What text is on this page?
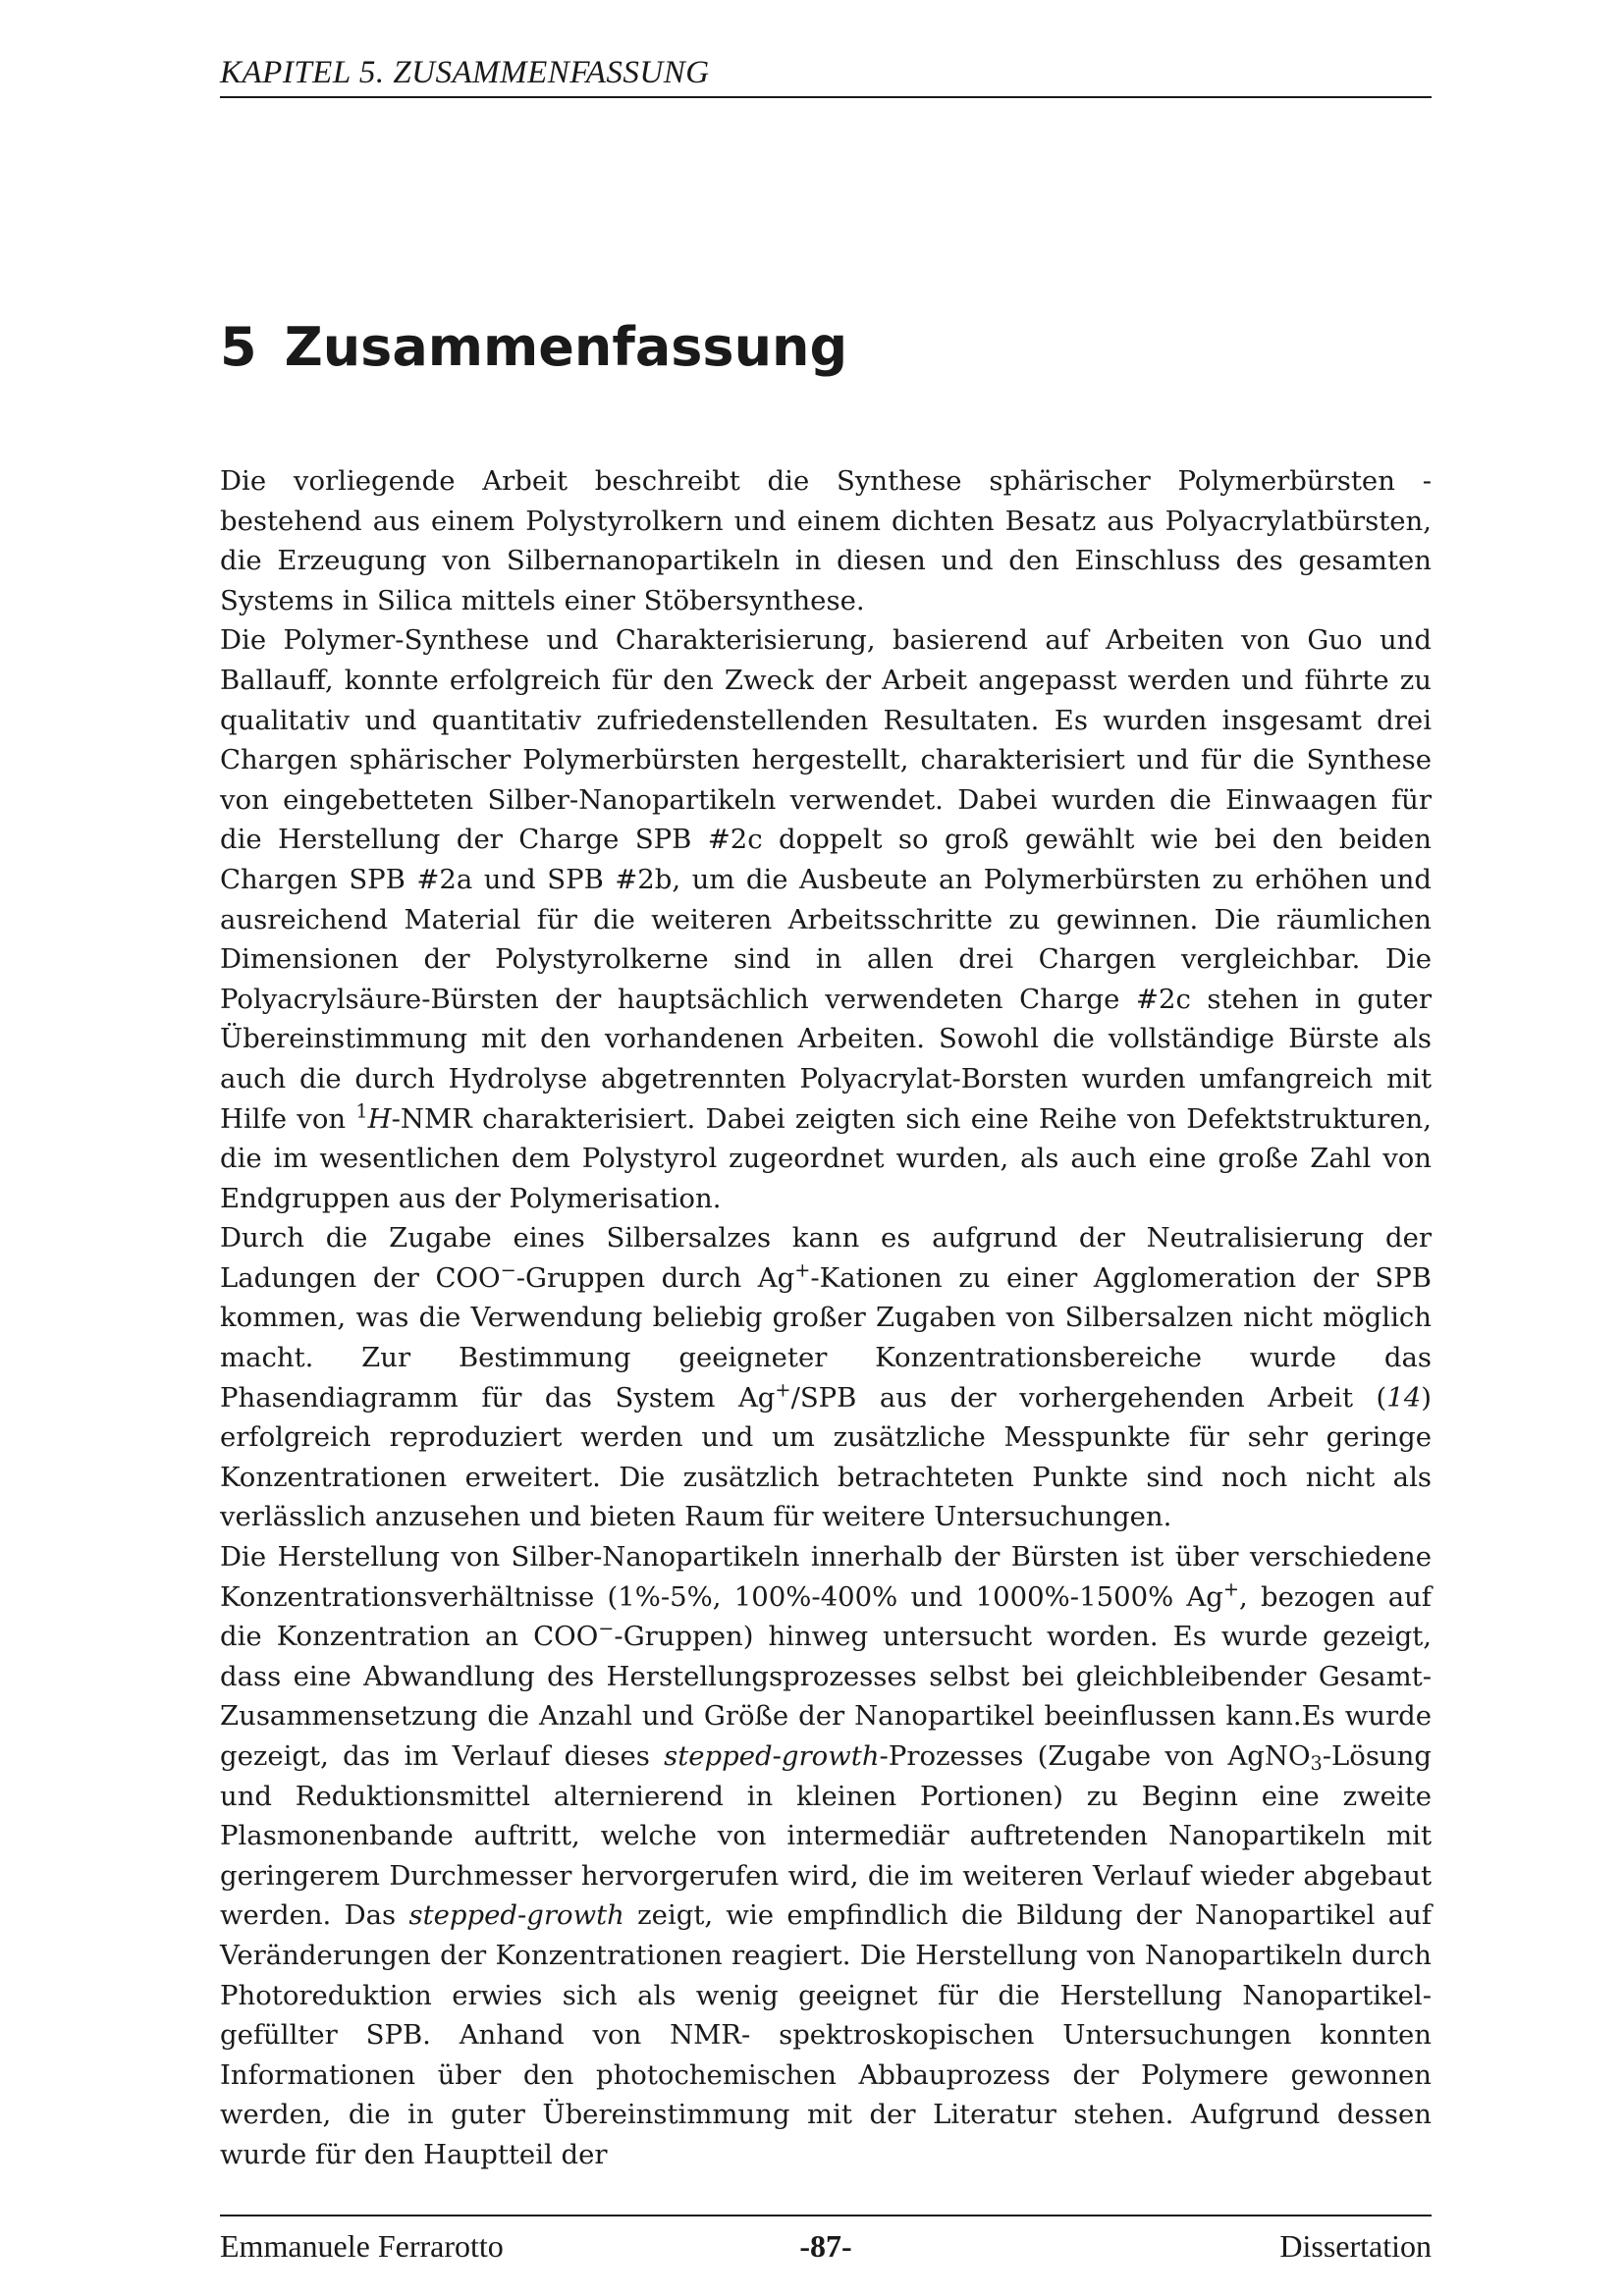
KAPITEL 5. ZUSAMMENFASSUNG
5 Zusammenfassung

Die vorliegende Arbeit beschreibt die Synthese sphärischer Polymerbürsten - bestehend aus einem Polystyrolkern und einem dichten Besatz aus Polyacrylatbürsten, die Erzeugung von Silbernanopartikeln in diesen und den Einschluss des gesamten Systems in Silica mittels einer Stöbersynthese.

Die Polymer-Synthese und Charakterisierung, basierend auf Arbeiten von Guo und Ballauff, konnte erfolgreich für den Zweck der Arbeit angepasst werden und führte zu qualitativ und quantitativ zufriedenstellenden Resultaten. Es wurden insgesamt drei Chargen sphärischer Polymerbürsten hergestellt, charakterisiert und für die Synthese von eingebetteten Silber-Nanopartikeln verwendet. Dabei wurden die Einwaagen für die Herstellung der Charge SPB #2c doppelt so groß gewählt wie bei den beiden Chargen SPB #2a und SPB #2b, um die Ausbeute an Polymerbürsten zu erhöhen und ausreichend Material für die weiteren Arbeitsschritte zu gewinnen. Die räumlichen Dimensionen der Polystyrolkerne sind in allen drei Chargen vergleichbar. Die Polyacrylsäure-Bürsten der hauptsächlich verwendeten Charge #2c stehen in guter Übereinstimmung mit den vorhandenen Arbeiten. Sowohl die vollständige Bürste als auch die durch Hydrolyse abgetrennten Polyacrylat-Borsten wurden umfangreich mit Hilfe von $^1$H-NMR charakterisiert. Dabei zeigten sich eine Reihe von Defektstrukturen, die im wesentlichen dem Polystyrol zugeordnet wurden, als auch eine große Zahl von Endgruppen aus der Polymerisation.

Durch die Zugabe eines Silbersalzes kann es aufgrund der Neutralisierung der Ladungen der COO−-Gruppen durch Ag+-Kationen zu einer Agglomeration der SPB kommen, was die Verwendung beliebig großer Zugaben von Silbersalzen nicht möglich macht. Zur Bestimmung geeigneter Konzentrationsbereiche wurde das Phasendiagramm für das System Ag+/SPB aus der vorhergehenden Arbeit (14) erfolgreich reproduziert werden und um zusätzliche Messpunkte für sehr geringe Konzentrationen erweitert. Die zusätzlich betrachteten Punkte sind noch nicht als verlässlich anzusehen und bieten Raum für weitere Untersuchungen.

Die Herstellung von Silber-Nanopartikeln innerhalb der Bürsten ist über verschiedene Konzentrationsverhältnisse (1%-5%, 100%-400% und 1000%-1500% Ag+, bezogen auf die Konzentration an COO−-Gruppen) hinweg untersucht worden. Es wurde gezeigt, dass eine Abwandlung des Herstellungsprozesses selbst bei gleichbleibender Gesamt-Zusammensetzung die Anzahl und Größe der Nanopartikel beeinflussen kann.Es wurde gezeigt, das im Verlauf dieses stepped-growth-Prozesses (Zugabe von AgNO$_3$-Lösung und Reduktionsmittel alternierend in kleinen Portionen) zu Beginn eine zweite Plasmonenbande auftritt, welche von intermediär auftretenden Nanopartikeln mit geringerem Durchmesser hervorgerufen wird, die im weiteren Verlauf wieder abgebaut werden. Das stepped-growth zeigt, wie empfindlich die Bildung der Nanopartikel auf Veränderungen der Konzentrationen reagiert. Die Herstellung von Nanopartikeln durch Photoreduktion erwies sich als wenig geeignet für die Herstellung Nanopartikel-gefüllter SPB. Anhand von NMR- spektroskopischen Untersuchungen konnten Informationen über den photochemischen Abbauprozess der Polymere gewonnen werden, die in guter Übereinstimmung mit der Literatur stehen. Aufgrund dessen wurde für den Hauptteil der

Emmanuele Ferrarotto	-87-	Dissertation
